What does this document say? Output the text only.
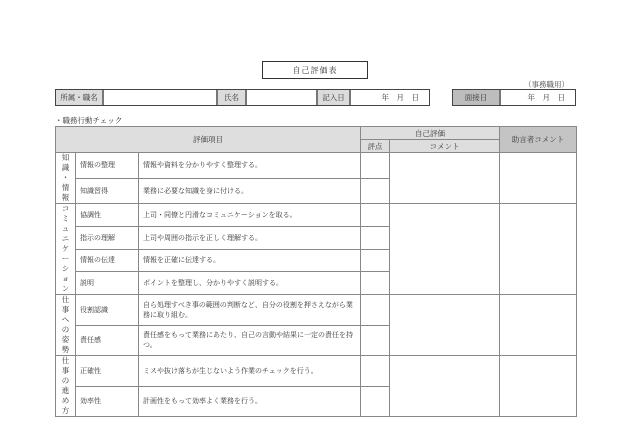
自己評価表
（事務職用）
所属・職名	氏名	記入日	年　月　日	面接日	年　月　日
・職務行動チェック
評価項目			自己評価		助言者コメント
			評点	コメント	

知
識
・
情
報	情報の整理	情報や資料を分かりやすく整理する。			
	知識習得	業務に必要な知識を身に付ける。			

コ
ミ
ュ
ニ
ケ
ー
シ
ョ
ン
	協調性	上司・同僚と円滑なコミュニケーションを取る。			
	指示の理解	上司や周囲の指示を正しく理解する。			
	情報の伝達	情報を正確に伝達する。			
	説明	ポイントを整理し、分かりやすく説明する。			

仕
事
へ
の
姿
勢
	役割認識	自ら処理すべき事の範囲の判断など、自分の役割を押さえながら業務に取り組む。			
	責任感	責任感をもって業務にあたり、自己の言動や結果に一定の責任を持つ。			

仕
事
の
進
め
方
	正確性	ミスや抜け落ちが生じないよう作業のチェックを行う。			
	効率性	計画性をもって効率よく業務を行う。			
